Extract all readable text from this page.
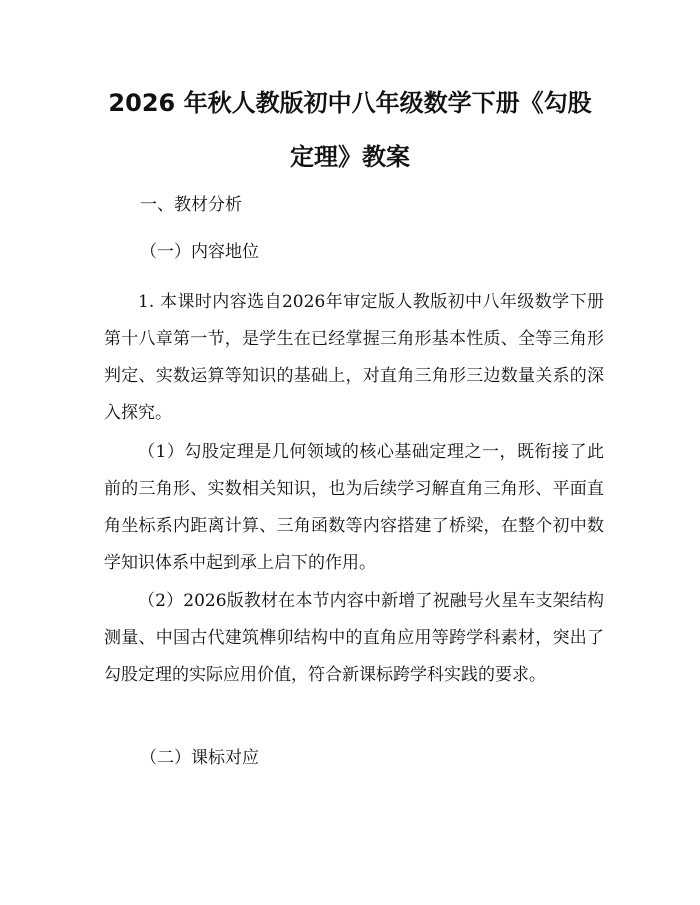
2026 年秋人教版初中八年级数学下册《勾股
定理》教案

一、教材分析

（一）内容地位

1. 本课时内容选自2026年审定版人教版初中八年级数学下册第十八章第一节，是学生在已经掌握三角形基本性质、全等三角形判定、实数运算等知识的基础上，对直角三角形三边数量关系的深入探究。

（1）勾股定理是几何领域的核心基础定理之一，既衔接了此前的三角形、实数相关知识，也为后续学习解直角三角形、平面直角坐标系内距离计算、三角函数等内容搭建了桥梁，在整个初中数学知识体系中起到承上启下的作用。

（2）2026版教材在本节内容中新增了祝融号火星车支架结构测量、中国古代建筑榫卯结构中的直角应用等跨学科素材，突出了勾股定理的实际应用价值，符合新课标跨学科实践的要求。

（二）课标对应
